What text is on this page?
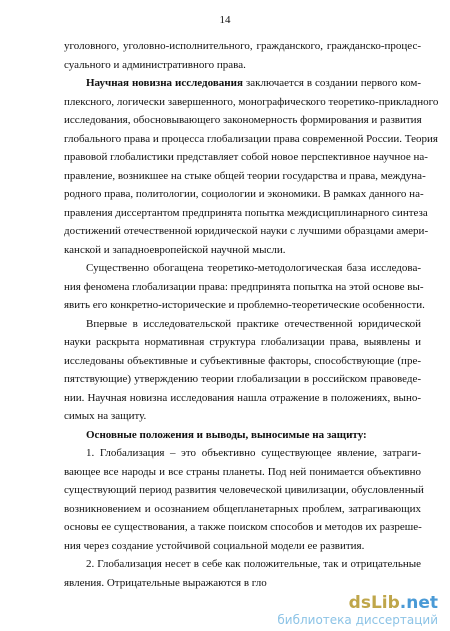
14
уголовного, уголовно-исполнительного, гражданского, гражданско-процес-
суального и административного права.
Научная новизна исследования заключается в создании первого ком-
плексного, логически завершенного, монографического теоретико-прикладного
исследования, обосновывающего закономерность формирования и развития
глобального права и процесса глобализации права современной России. Теория
правовой глобалистики представляет собой новое перспективное научное на-
правление, возникшее на стыке общей теории государства и права, междуна-
родного права, политологии, социологии и экономики. В рамках данного на-
правления диссертантом предпринята попытка междисциплинарного синтеза
достижений отечественной юридической науки с лучшими образцами амери-
канской и западноевропейской научной мысли.
Существенно обогащена теоретико-методологическая база исследова-
ния феномена глобализации права: предпринята попытка на этой основе вы-
явить его конкретно-исторические и проблемно-теоретические особенности.
Впервые в исследовательской практике отечественной юридической
науки раскрыта нормативная структура глобализации права, выявлены и
исследованы объективные и субъективные факторы, способствующие (пре-
пятствующие) утверждению теории глобализации в российском правоведе-
нии. Научная новизна исследования нашла отражение в положениях, выно-
симых на защиту.
Основные положения и выводы, выносимые на защиту:
1. Глобализация – это объективно существующее явление, затраги-
вающее все народы и все страны планеты. Под ней понимается объективно
существующий период развития человеческой цивилизации, обусловленный
возникновением и осознанием общепланетарных проблем, затрагивающих
основы ее существования, а также поиском способов и методов их разреше-
ния через создание устойчивой социальной модели ее развития.
2. Глобализация несет в себе как положительные, так и отрицательные
явления. Отрицательные выражаются в гло
dsLib.net
библиотека диссертаций
